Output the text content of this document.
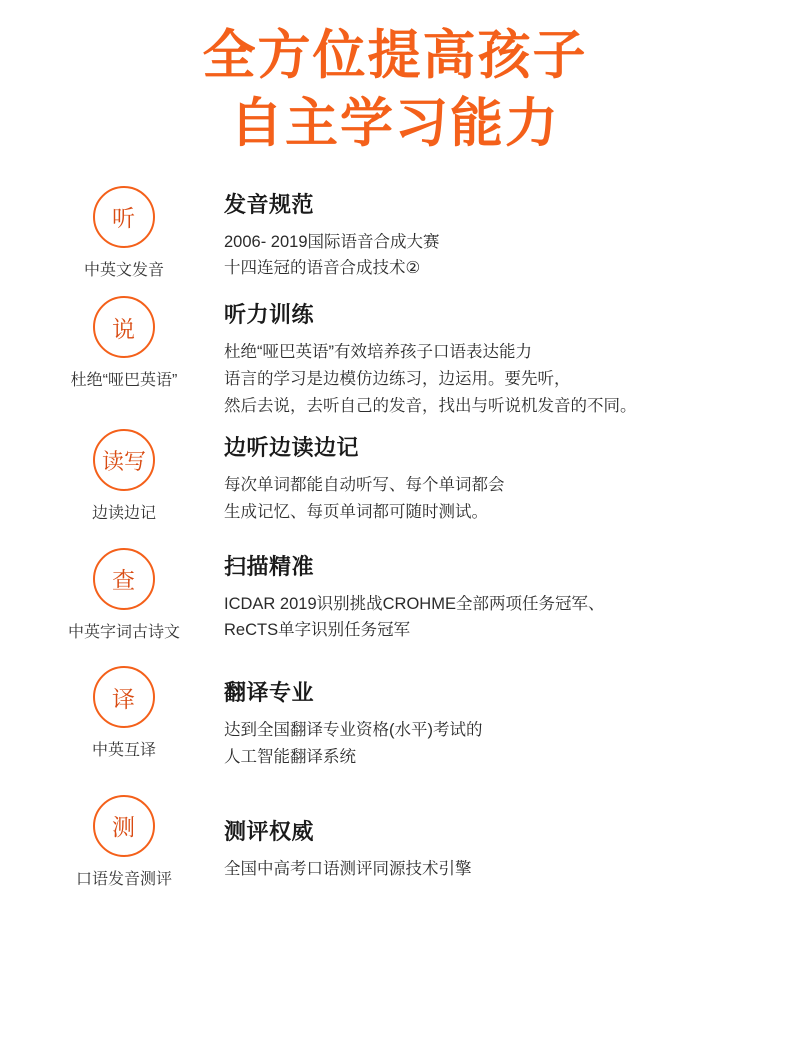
全方位提高孩子
自主学习能力
听
中英文发音

发音规范

2006- 2019国际语音合成大赛
十四连冠的语音合成技术②

说
杜绝“哑巴英语”

听力训练

杜绝“哑巴英语”有效培养孩子口语表达能力
语言的学习是边模仿边练习，边运用。要先听，
然后去说，去听自己的发音，找出与听说机发音的不同。

读写
边读边记

边听边读边记

每次单词都能自动听写、每个单词都会
生成记忆、每页单词都可随时测试。

查
中英字词古诗文

扫描精准

ICDAR 2019识别挑战CROHME全部两项任务冠军、
ReCTS单字识别任务冠军

译
中英互译

翻译专业

达到全国翻译专业资格(水平)考试的
人工智能翻译系统

测
口语发音测评

测评权威

全国中高考口语测评同源技术引擎
